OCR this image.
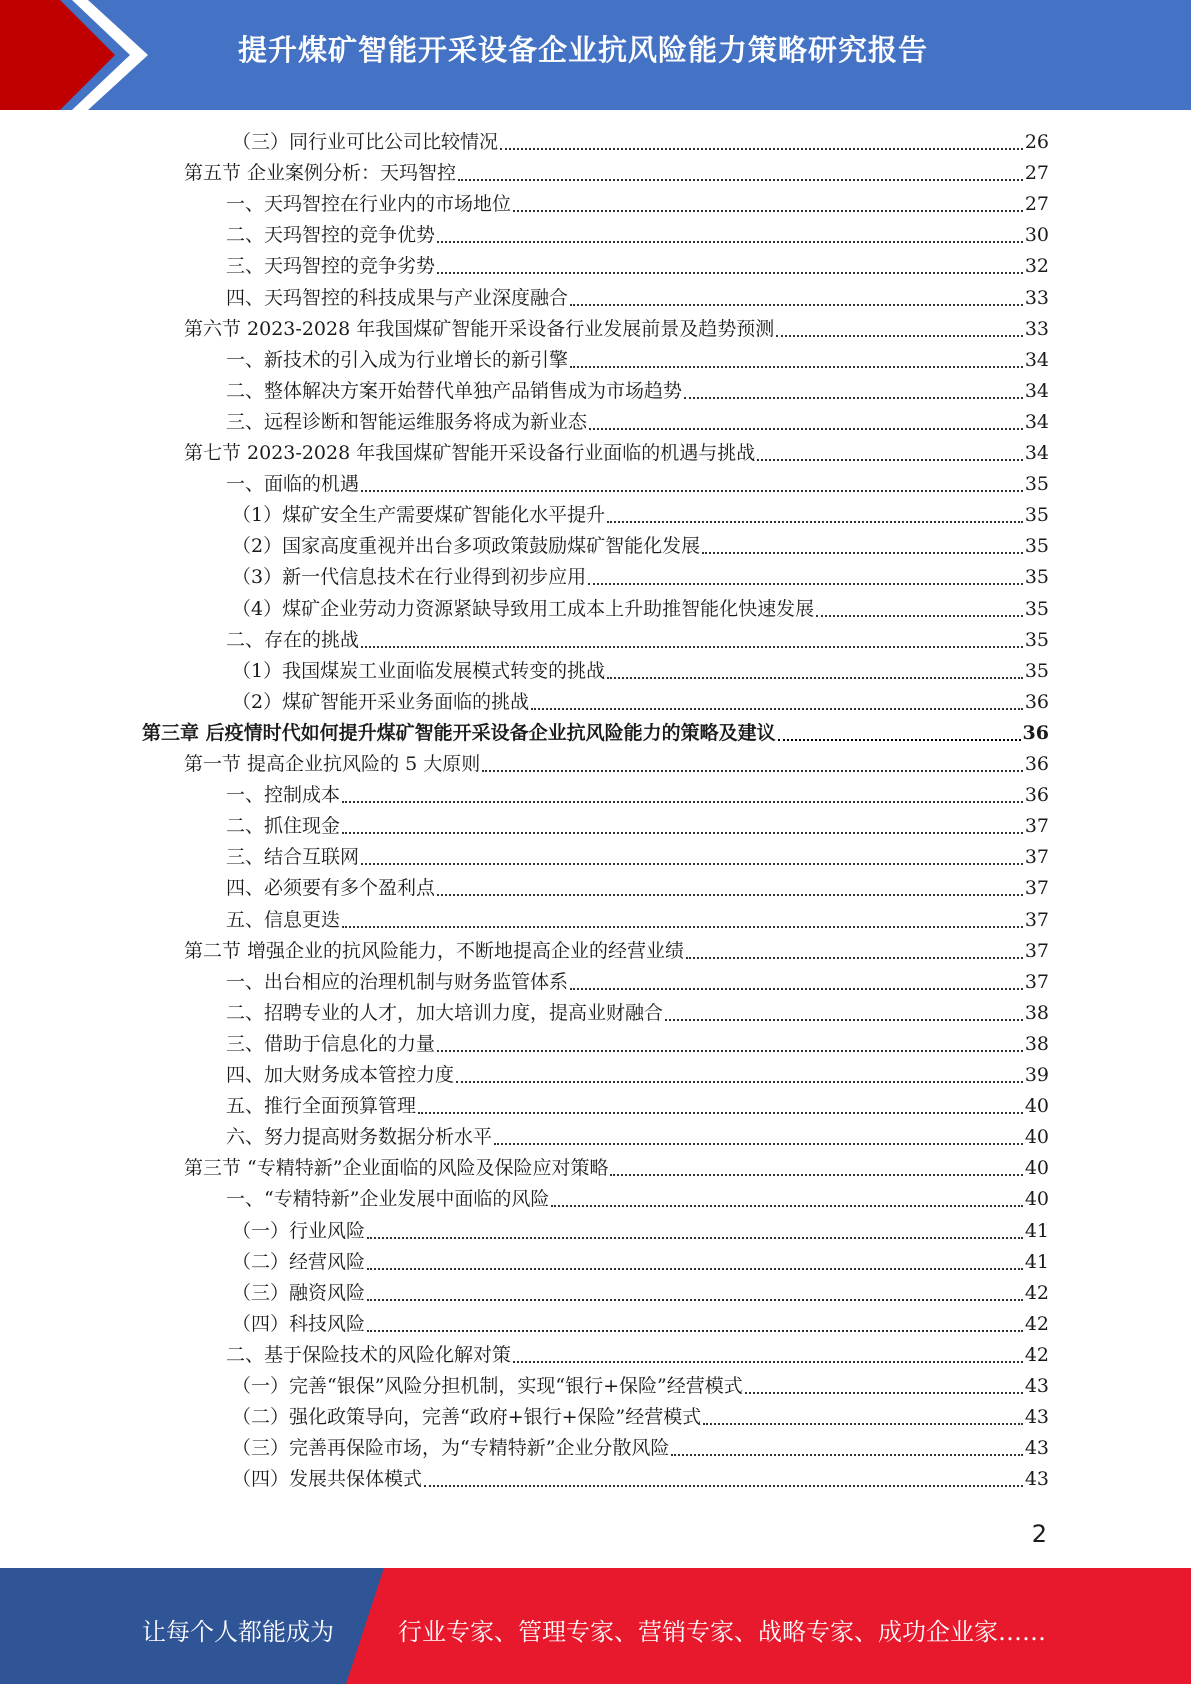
提升煤矿智能开采设备企业抗风险能力策略研究报告
（三）同行业可比公司比较情况	26
第五节 企业案例分析：天玛智控	27
一、天玛智控在行业内的市场地位	27
二、天玛智控的竞争优势	30
三、天玛智控的竞争劣势	32
四、天玛智控的科技成果与产业深度融合	33
第六节 2023-2028 年我国煤矿智能开采设备行业发展前景及趋势预测	33
一、新技术的引入成为行业增长的新引擎	34
二、整体解决方案开始替代单独产品销售成为市场趋势	34
三、远程诊断和智能运维服务将成为新业态	34
第七节 2023-2028 年我国煤矿智能开采设备行业面临的机遇与挑战	34
一、面临的机遇	35
（1）煤矿安全生产需要煤矿智能化水平提升	35
（2）国家高度重视并出台多项政策鼓励煤矿智能化发展	35
（3）新一代信息技术在行业得到初步应用	35
（4）煤矿企业劳动力资源紧缺导致用工成本上升助推智能化快速发展	35
二、存在的挑战	35
（1）我国煤炭工业面临发展模式转变的挑战	35
（2）煤矿智能开采业务面临的挑战	36
第三章 后疫情时代如何提升煤矿智能开采设备企业抗风险能力的策略及建议	36
第一节 提高企业抗风险的 5 大原则	36
一、控制成本	36
二、抓住现金	37
三、结合互联网	37
四、必须要有多个盈利点	37
五、信息更迭	37
第二节 增强企业的抗风险能力，不断地提高企业的经营业绩	37
一、出台相应的治理机制与财务监管体系	37
二、招聘专业的人才，加大培训力度，提高业财融合	38
三、借助于信息化的力量	38
四、加大财务成本管控力度	39
五、推行全面预算管理	40
六、努力提高财务数据分析水平	40
第三节 “专精特新”企业面临的风险及保险应对策略	40
一、“专精特新”企业发展中面临的风险	40
（一）行业风险	41
（二）经营风险	41
（三）融资风险	42
（四）科技风险	42
二、基于保险技术的风险化解对策	42
（一）完善“银保”风险分担机制，实现“银行+保险”经营模式	43
（二）强化政策导向，完善“政府+银行+保险”经营模式	43
（三）完善再保险市场，为“专精特新”企业分散风险	43
（四）发展共保体模式	43
2
让每个人都能成为	行业专家、管理专家、营销专家、战略专家、成功企业家……
